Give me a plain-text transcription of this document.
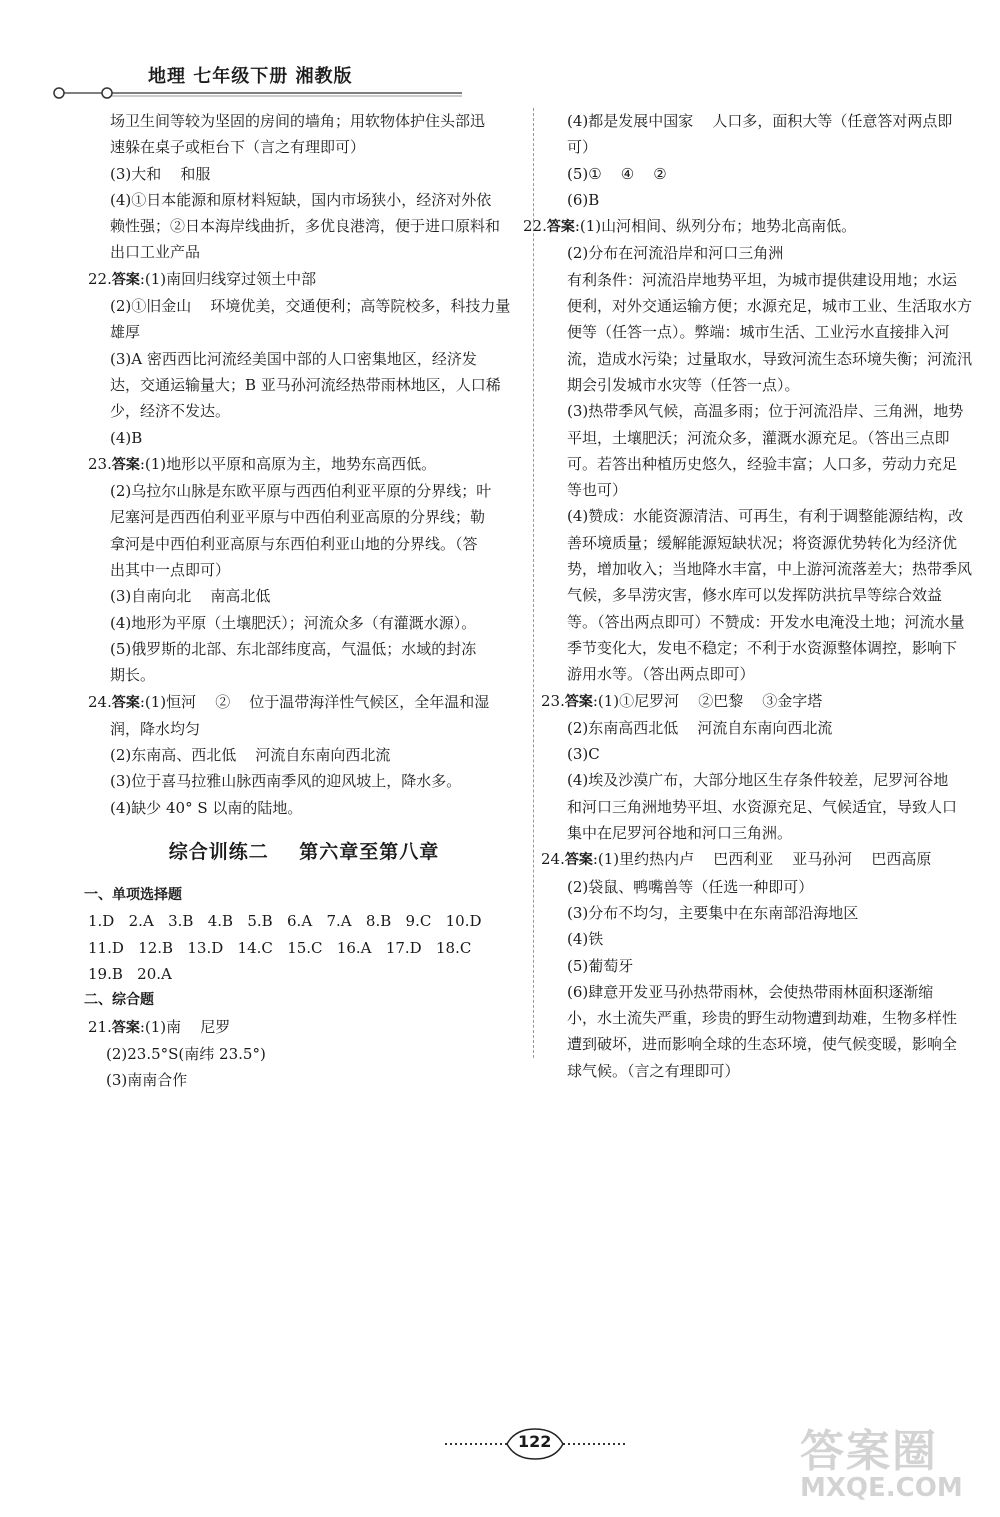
地理 七年级下册 湘教版

场卫生间等较为坚固的房间的墙角；用软物体护住头部迅

速躲在桌子或柜台下（言之有理即可）

(3)大和    和服

(4)①日本能源和原材料短缺，国内市场狭小，经济对外依

赖性强；②日本海岸线曲折，多优良港湾，便于进口原料和

出口工业产品

22.答案:(1)南回归线穿过领土中部

(2)①旧金山    环境优美，交通便利；高等院校多，科技力量

雄厚

(3)A 密西西比河流经美国中部的人口密集地区，经济发

达，交通运输量大；B 亚马孙河流经热带雨林地区，人口稀

少，经济不发达。

(4)B

23.答案:(1)地形以平原和高原为主，地势东高西低。

(2)乌拉尔山脉是东欧平原与西西伯利亚平原的分界线；叶

尼塞河是西西伯利亚平原与中西伯利亚高原的分界线；勒

拿河是中西伯利亚高原与东西伯利亚山地的分界线。（答

出其中一点即可）

(3)自南向北    南高北低

(4)地形为平原（土壤肥沃）；河流众多（有灌溉水源）。

(5)俄罗斯的北部、东北部纬度高，气温低；水域的封冻

期长。

24.答案:(1)恒河    ②    位于温带海洋性气候区，全年温和湿

润，降水均匀

(2)东南高、西北低    河流自东南向西北流

(3)位于喜马拉雅山脉西南季风的迎风坡上，降水多。

(4)缺少 40° S 以南的陆地。

综合训练二    第六章至第八章

一、单项选择题

1.D   2.A   3.B   4.B   5.B   6.A   7.A   8.B   9.C   10.D

11.D   12.B   13.D   14.C   15.C   16.A   17.D   18.C

19.B   20.A

二、综合题

21.答案:(1)南    尼罗

(2)23.5°S(南纬 23.5°)

(3)南南合作

(4)都是发展中国家    人口多，面积大等（任意答对两点即

可）

(5)①    ④    ②

(6)B

22.答案:(1)山河相间、纵列分布；地势北高南低。

(2)分布在河流沿岸和河口三角洲

有利条件：河流沿岸地势平坦，为城市提供建设用地；水运

便利，对外交通运输方便；水源充足，城市工业、生活取水方

便等（任答一点）。弊端：城市生活、工业污水直接排入河

流，造成水污染；过量取水，导致河流生态环境失衡；河流汛

期会引发城市水灾等（任答一点）。

(3)热带季风气候，高温多雨；位于河流沿岸、三角洲，地势

平坦，土壤肥沃；河流众多，灌溉水源充足。（答出三点即

可。若答出种植历史悠久，经验丰富；人口多，劳动力充足

等也可）

(4)赞成：水能资源清洁、可再生，有利于调整能源结构，改

善环境质量；缓解能源短缺状况；将资源优势转化为经济优

势，增加收入；当地降水丰富，中上游河流落差大；热带季风

气候，多旱涝灾害，修水库可以发挥防洪抗旱等综合效益

等。（答出两点即可）不赞成：开发水电淹没土地；河流水量

季节变化大，发电不稳定；不利于水资源整体调控，影响下

游用水等。（答出两点即可）

23.答案:(1)①尼罗河    ②巴黎    ③金字塔

(2)东南高西北低    河流自东南向西北流

(3)C

(4)埃及沙漠广布，大部分地区生存条件较差，尼罗河谷地

和河口三角洲地势平坦、水资源充足、气候适宜，导致人口

集中在尼罗河谷地和河口三角洲。

24.答案:(1)里约热内卢    巴西利亚    亚马孙河    巴西高原

(2)袋鼠、鸭嘴兽等（任选一种即可）

(3)分布不均匀，主要集中在东南部沿海地区

(4)铁

(5)葡萄牙

(6)肆意开发亚马孙热带雨林，会使热带雨林面积逐渐缩

小，水土流失严重，珍贵的野生动物遭到劫难，生物多样性

遭到破坏，进而影响全球的生态环境，使气候变暖，影响全

球气候。（言之有理即可）

122	答案圈
MXQE.COM
